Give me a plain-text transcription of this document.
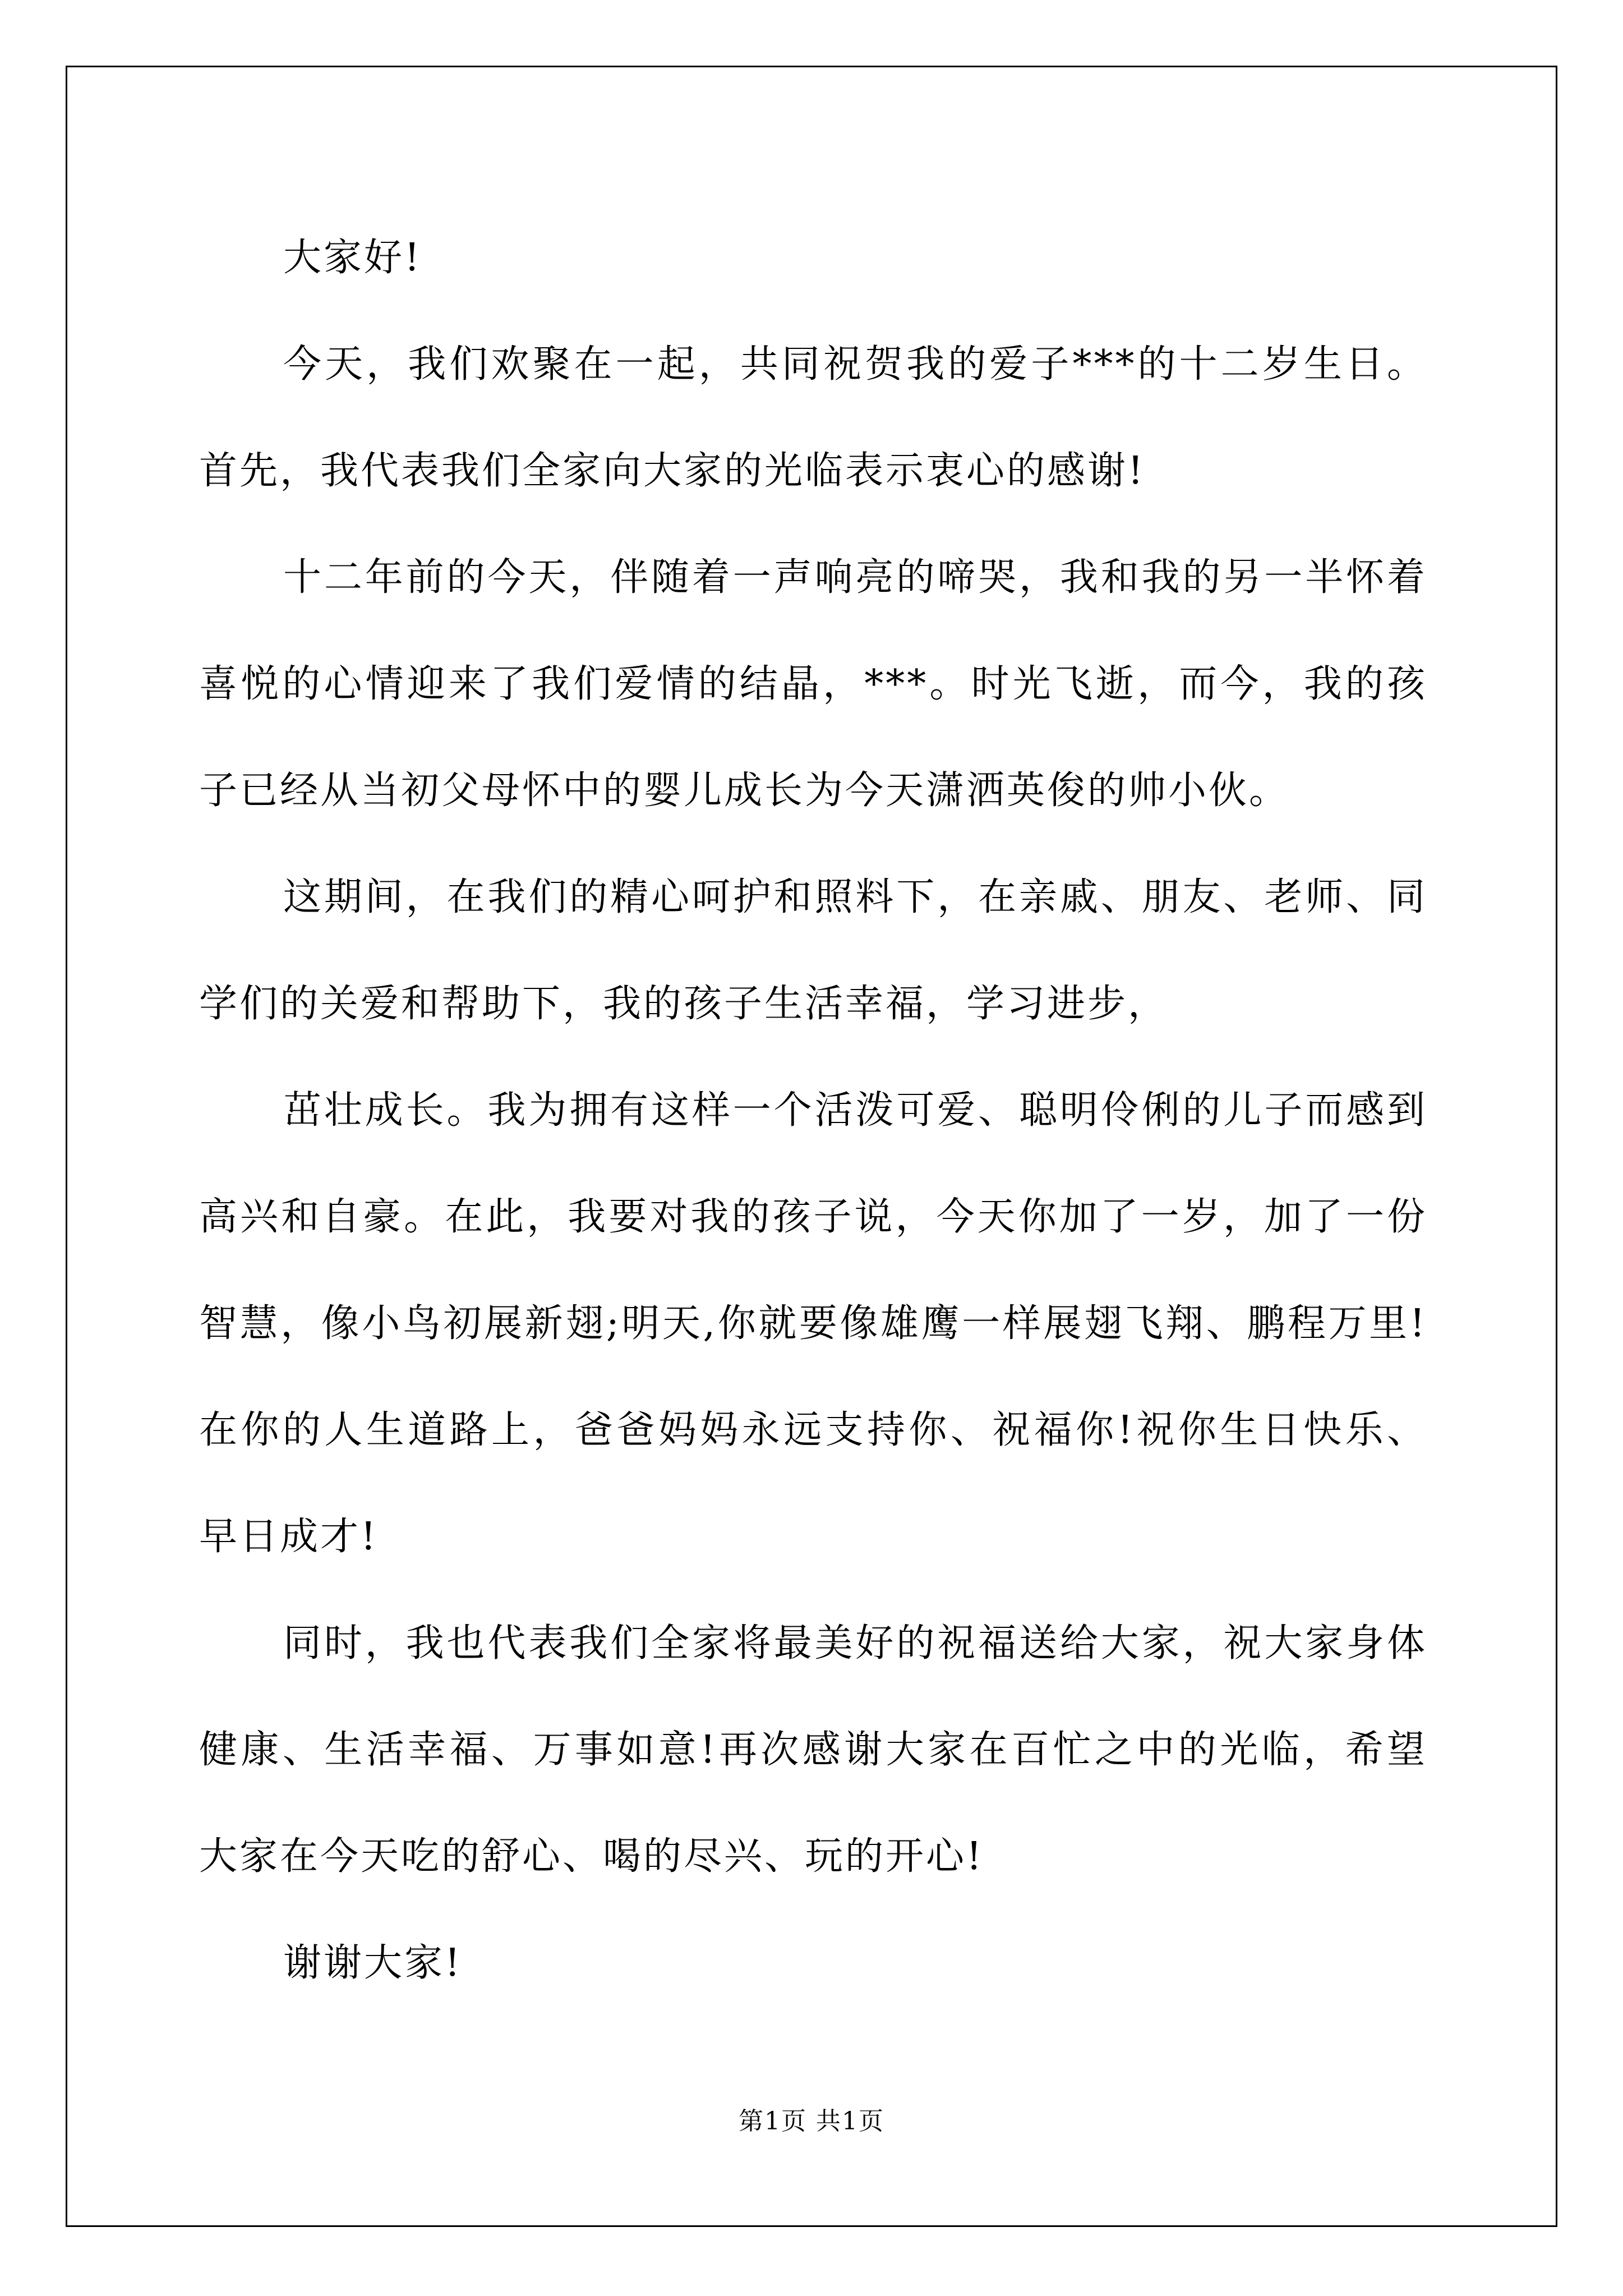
大家好!

今天，我们欢聚在一起，共同祝贺我的爱子***的十二岁生日。首先，我代表我们全家向大家的光临表示衷心的感谢!

十二年前的今天，伴随着一声响亮的啼哭，我和我的另一半怀着喜悦的心情迎来了我们爱情的结晶，***。时光飞逝，而今，我的孩子已经从当初父母怀中的婴儿成长为今天潇洒英俊的帅小伙。

这期间，在我们的精心呵护和照料下，在亲戚、朋友、老师、同学们的关爱和帮助下，我的孩子生活幸福，学习进步，

茁壮成长。我为拥有这样一个活泼可爱、聪明伶俐的儿子而感到高兴和自豪。在此，我要对我的孩子说，今天你加了一岁，加了一份智慧，像小鸟初展新翅;明天,你就要像雄鹰一样展翅飞翔、鹏程万里!在你的人生道路上，爸爸妈妈永远支持你、祝福你!祝你生日快乐、早日成才!

同时，我也代表我们全家将最美好的祝福送给大家，祝大家身体健康、生活幸福、万事如意!再次感谢大家在百忙之中的光临，希望大家在今天吃的舒心、喝的尽兴、玩的开心!

谢谢大家!

第1页 共1页
